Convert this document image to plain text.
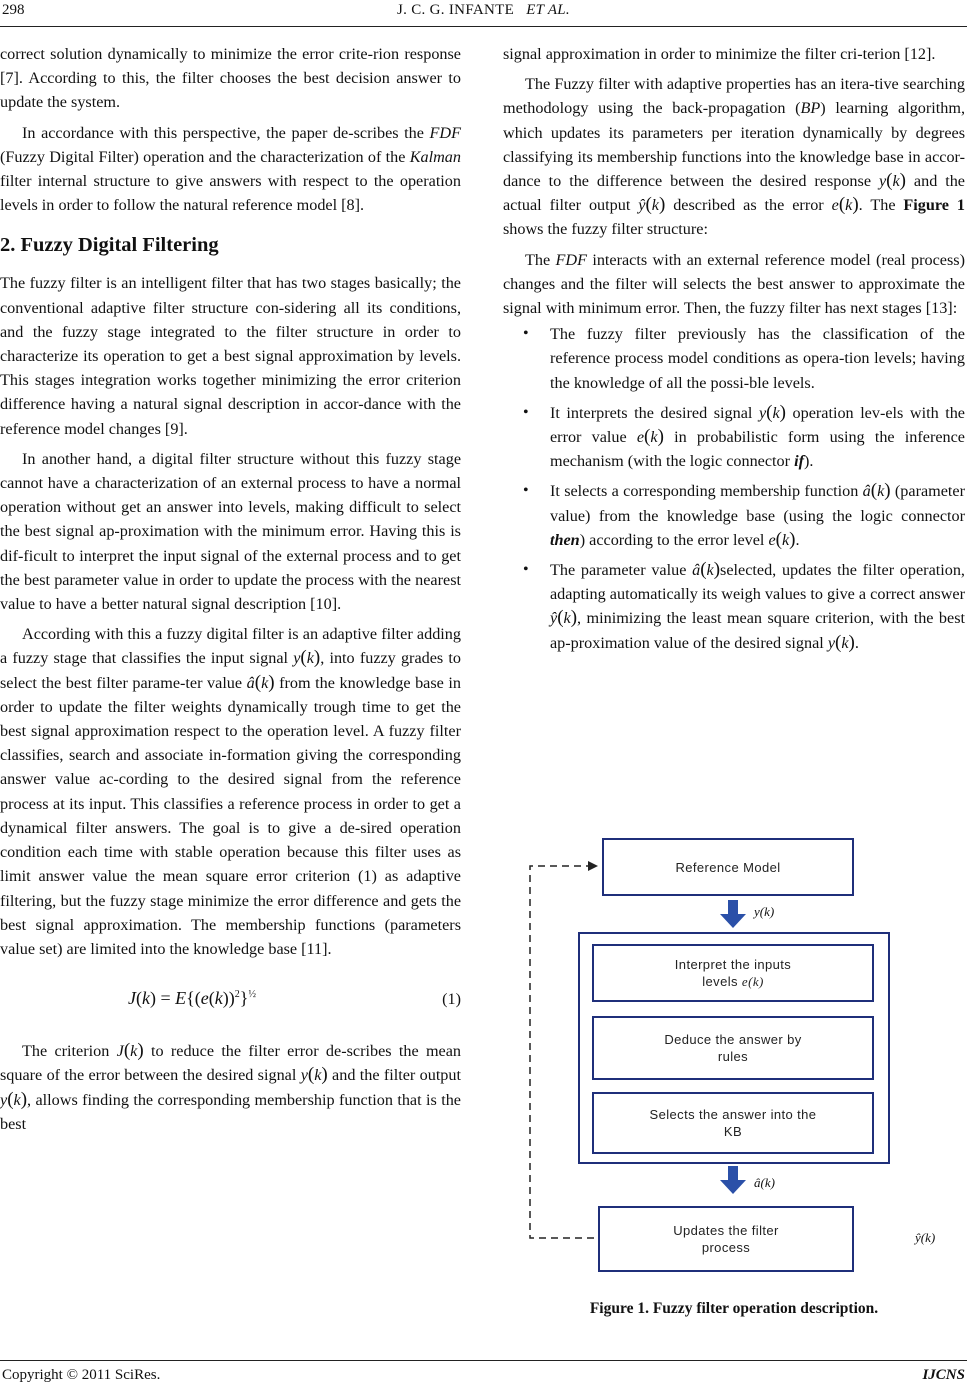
298	J. C. G. INFANTE ET AL.

correct solution dynamically to minimize the error crite-rion response [7]. According to this, the filter chooses the best decision answer to update the system.

In accordance with this perspective, the paper de-scribes the FDF (Fuzzy Digital Filter) operation and the characterization of the Kalman filter internal structure to give answers with respect to the operation levels in order to follow the natural reference model [8].

2. Fuzzy Digital Filtering

The fuzzy filter is an intelligent filter that has two stages basically; the conventional adaptive filter structure con-sidering all its conditions, and the fuzzy stage integrated to the filter structure in order to characterize its operation to get a best signal approximation by levels. This stages integration works together minimizing the error criterion difference having a natural signal description in accor-dance with the reference model changes [9].

In another hand, a digital filter structure without this fuzzy stage cannot have a characterization of an external process to have a normal operation without get an answer into levels, making difficult to select the best signal ap-proximation with the minimum error. Having this is dif-ficult to interpret the input signal of the external process and to get the best parameter value in order to update the process with the nearest value to have a better natural signal description [10].

According with this a fuzzy digital filter is an adaptive filter adding a fuzzy stage that classifies the input signal y(k), into fuzzy grades to select the best filter parame-ter value â(k) from the knowledge base in order to update the filter weights dynamically trough time to get the best signal approximation respect to the operation level. A fuzzy filter classifies, search and associate in-formation giving the corresponding answer value ac-cording to the desired signal from the reference process at its input. This classifies a reference process in order to get a dynamical filter answers. The goal is to give a de-sired operation condition each time with stable operation because this filter uses as limit answer value the mean square error criterion (1) as adaptive filtering, but the fuzzy stage minimize the error difference and gets the best signal approximation. The membership functions (parameters value set) are limited into the knowledge base [11].

$J(k) = E\{(e(k))^2\}^{\frac{1}{2}}$	(1)

The criterion J(k) to reduce the filter error de-scribes the mean square of the error between the desired signal y(k) and the filter output y(k), allows finding the corresponding membership function that is the best

signal approximation in order to minimize the filter cri-terion [12].

The Fuzzy filter with adaptive properties has an itera-tive searching methodology using the back-propagation (BP) learning algorithm, which updates its parameters per iteration dynamically by degrees classifying its membership functions into the knowledge base in accor-dance to the difference between the desired response y(k) and the actual filter output ŷ(k) described as the error e(k). The Figure 1 shows the fuzzy filter structure:

The FDF interacts with an external reference model (real process) changes and the filter will selects the best answer to approximate the signal with minimum error. Then, the fuzzy filter has next stages [13]:

• The fuzzy filter previously has the classification of the reference process model conditions as opera-tion levels; having the knowledge of all the possi-ble levels.
• It interprets the desired signal y(k) operation lev-els with the error value e(k) in probabilistic form using the inference mechanism (with the logic connector if).
• It selects a corresponding membership function â(k) (parameter value) from the knowledge base (using the logic connector then) according to the error level e(k).
• The parameter value â(k)selected, updates the filter operation, adapting automatically its weigh values to give a correct answer ŷ(k), minimizing the least mean square criterion, with the best ap-proximation value of the desired signal y(k).
Reference Model
y(k)
Interpret the inputs
levels e(k)
Deduce the answer by
rules
Selects the answer into the
KB
â(k)
Updates the filter
process
ŷ(k)
Figure 1. Fuzzy filter operation description.
Copyright © 2011 SciRes.	IJCNS
